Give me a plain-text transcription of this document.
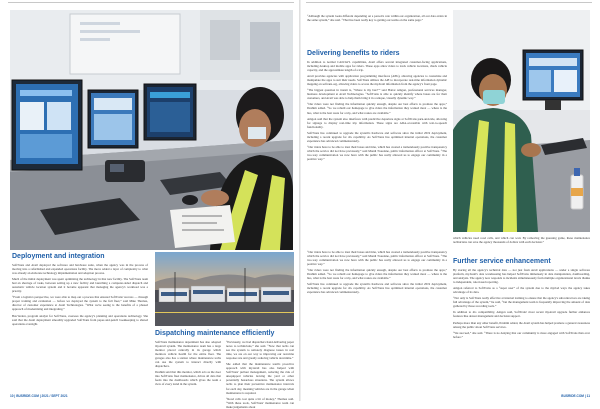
Deployment and integration

SoftTrans and Avail deployed the software and hardware suite, when the agency was in the process of moving into a refurbished and expanded operations facility. The move added a layer of complexity to what was already an elaborate technology implementation and adoption process.

Much of the initial deployment was spent optimizing the technology in that new facility. The SoftTrans team had an shortage of tasks, between setting up a new facility and launching a computer-aided dispatch and automatic vehicle location system and it became apparent that managing the agency's workload was a priority.

“From a logistics perspective, we were able to map out a process that ensured SoftTrans' success — through proper training and evaluation — before we deployed the system to the full fleet,” said Mike Thomas, director of customer experience at Avail Technologies. “What we're seeing is the benefits of a phased approach of modernizing and integrating.”

Bus’lardon, program analyst for SoftTrans, oversees the agency's planning and operations technology. She said that the Avail deployment smoothly upgraded SoftTrans from paper-and-pencil bookkeeping to shared operations oversight.

Dispatching maintenance efficiently

SoftTrans maintenance department has also adopted myAvail system. The maintenance team has a large monitor placed centrally in its garage which monitors vehicle health for the entire fleet. The garages also has a station where maintenance techs can use the system to interact directly with dispatchers.

Ibrahim said that this monitor, which acts as the door into SoftTrans fleet maintenance, drives all data that feeds into the dashboards which gives the team a view of every trend in the system.

“Previously, we had dispatchers hand-delivering paper notes to technicians,” she said. “Now that techs can see the system to remotely diagnose issues in real time, we are on our way to improving our real-time response rate and greatly reducing vehicle downtime.”

She added that the maintenance team's proactive approach with myAvail has also helped with SoftTrans' pullout management, reducing the risk of unequipped vehicles leaving the yard or other potentially hazardous situations. The system allows techs to plan their preventive maintenance intervals for each day, meaning vehicles are in the garage when maintenance is required.

“Road calls cost quite a bit of money,” Thomas said. “With these tools, SoftTrans' maintenance team can make judgements about

10 | BUSRIDE.COM | 2021 / SEPT 2021

“Although the system looks different depending on a person's role within our organization, all our data exists in the same system,” she said. “That has been really key to getting our teams on the same page.”

Delivering benefits to riders

In addition to normal CAD/AVL capabilities, Avail offers several integrated customer-facing applications, including desktop and mobile apps for riders. These apps allow riders to track vehicle locations, check vehicle capacity, and the approximate length of a trip.

Avail provides agencies with application programming interfaces (APIs), allowing agencies to customize and manipulate the apps to suit their needs. SoftTrans utilizes the API to incorporate real-time information dynamic mapping on softrans.org, allowing riders to access the myAvail information from the agency's front page.

“The biggest question in transit is, ‘Where is my bus?’” said Hattar Amgon, professional services manager, business development at Avail Technologies. “SoftTrans is able to quickly identify where buses are for their customers, and Avail was able to help them bring it in a unique, visually dynamic way.”

“Our riders were not finding the information quickly enough, despite our best efforts to promote the apps,” Ibrahim added. “So we rebuilt our homepage to give riders the information they wanted most — where is the bus, what is the best route for a trip, and what routes are available.”

Amgon said that the system also interfaces with predictive departure signs at SoftTrans park-and-ride, allowing for signage to display real-time trip information. These signs are ADA-accessible with text-to-speech functionality.

SoftTrans has continued to upgrade the system's hardware and software since the initial 2019 deployment, including a recent upgrade for 4G capability. As SoftTrans has optimized internal operations, the customer experience has advanced commensurately.

“Our riders have to be able to trust their buses and time, which has created a tremendously positive transparency which the service did not have previously,” said Mandi Troudane, public information officer at SoftTrans. “The two-way communication we now have with the public has really allowed us to engage our community in a positive way.”

which vehicles need road calls, and which can wait. By removing the guessing game, these maintenance technicians can save the agency thousands of dollars with each decision.”

Further service enhancement

By storing all the agency's technical data — not just from Avail applications — under a single software platform, myAvail's data warehousing has helped SoftTrans immensely in data manipulation, dashboarding, and analysis. The agency now responds to incidents simultaneously from multiple organizational levels thanks to independent, role-based reporting.

Amgon referred to SoftTrans as a “super user” of the system due to the myriad ways the agency takes advantage of its data.

“Not only is SoftTrans really effective at internal training to ensure that the agency's subcontractors are taking full advantage of the system,” he said, “but the management team is frequently improving the amount of data gathered by those recording tools.”

In addition to 4G compatibility, Amgon said, SoftTrans' most recent myAvail upgrade further enhances features like detour management and decision support.

Perhaps more than any other benefit, Ibrahim added, the Avail system has helped promote a general awareness among the public about SoftTrans services.

“We succeed,” she said. “There is no denying that our community is more engaged with SoftTrans than ever before.”

“Our riders have to be able to trust their buses and time, which has created a tremendously positive transparency which the service did not have previously,” said Mandi Troudane, public information officer at SoftTrans. “The two-way communication we now have with the public has really allowed us to engage our community in a positive way.”

“Our riders were not finding the information quickly enough, despite our best efforts to promote the apps,” Ibrahim added. “So we rebuilt our homepage to give riders the information they wanted most — where is the bus, what is the best route for a trip, and what routes are available.”

SoftTrans has continued to upgrade the system's hardware and software since the initial 2019 deployment, including a recent upgrade for 4G capability. As SoftTrans has optimized internal operations, the customer experience has advanced commensurately.

BUSRIDE.COM | 11
